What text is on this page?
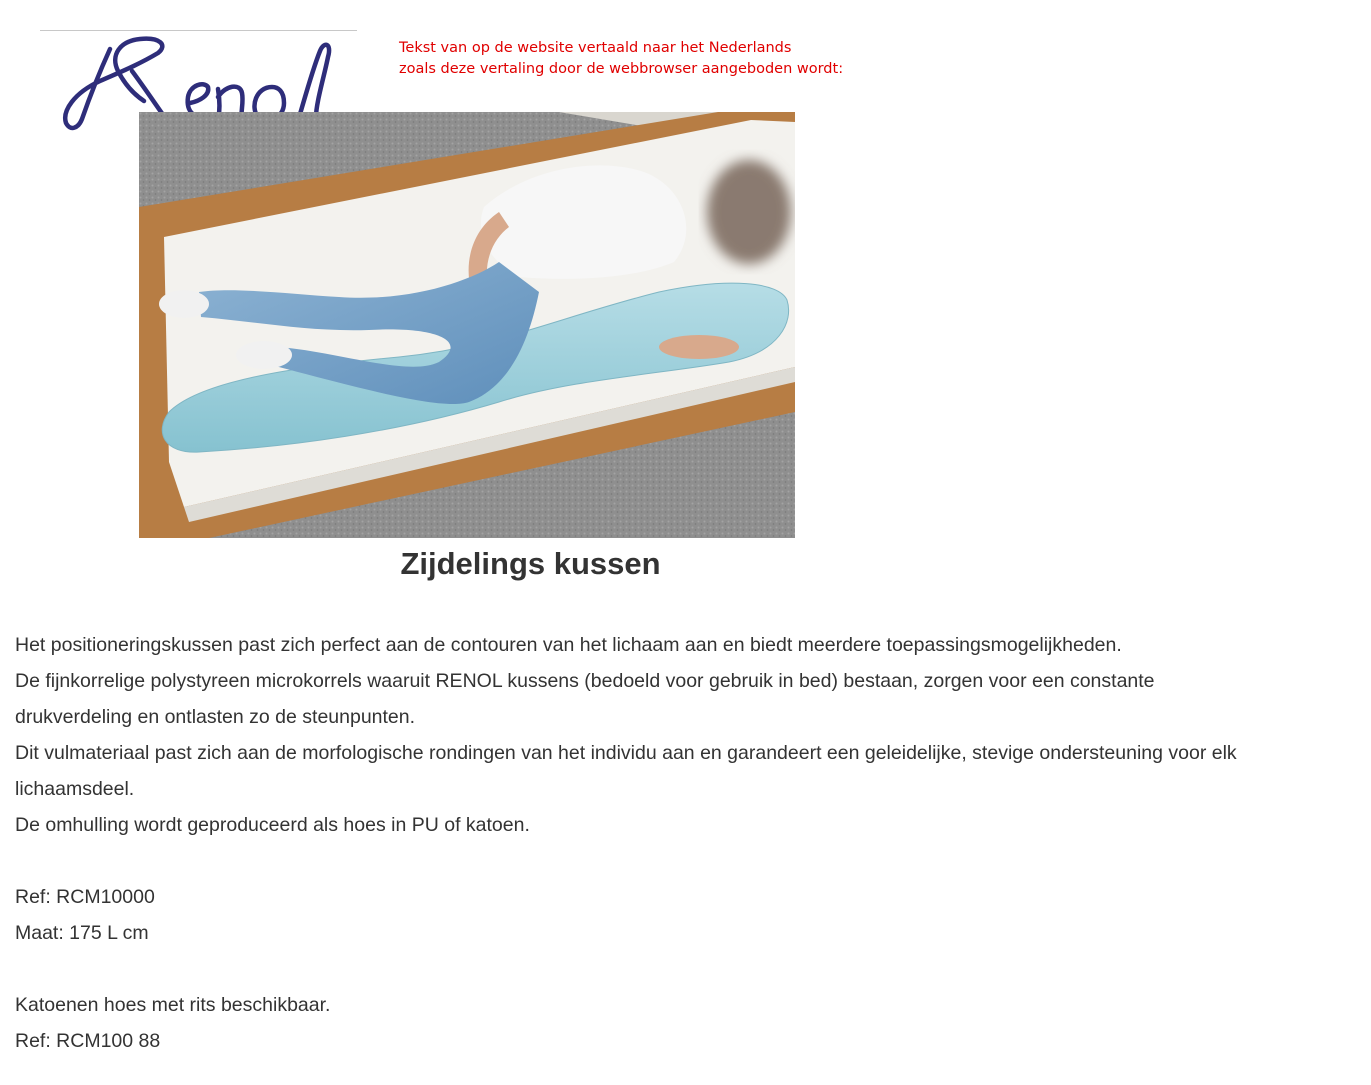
Tekst van op de website vertaald naar het Nederlands
zoals deze vertaling door de webbrowser aangeboden wordt:
Zijdelings kussen
Het positioneringskussen past zich perfect aan de contouren van het lichaam aan en biedt meerdere toepassingsmogelijkheden.
De fijnkorrelige polystyreen microkorrels waaruit RENOL kussens (bedoeld voor gebruik in bed) bestaan, zorgen voor een constante
drukverdeling en ontlasten zo de steunpunten.
Dit vulmateriaal past zich aan de morfologische rondingen van het individu aan en garandeert een geleidelijke, stevige ondersteuning voor elk
lichaamsdeel.
De omhulling wordt geproduceerd als hoes in PU of katoen.
Ref: RCM10000
Maat: 175 L cm
Katoenen hoes met rits beschikbaar.
Ref: RCM100 88
